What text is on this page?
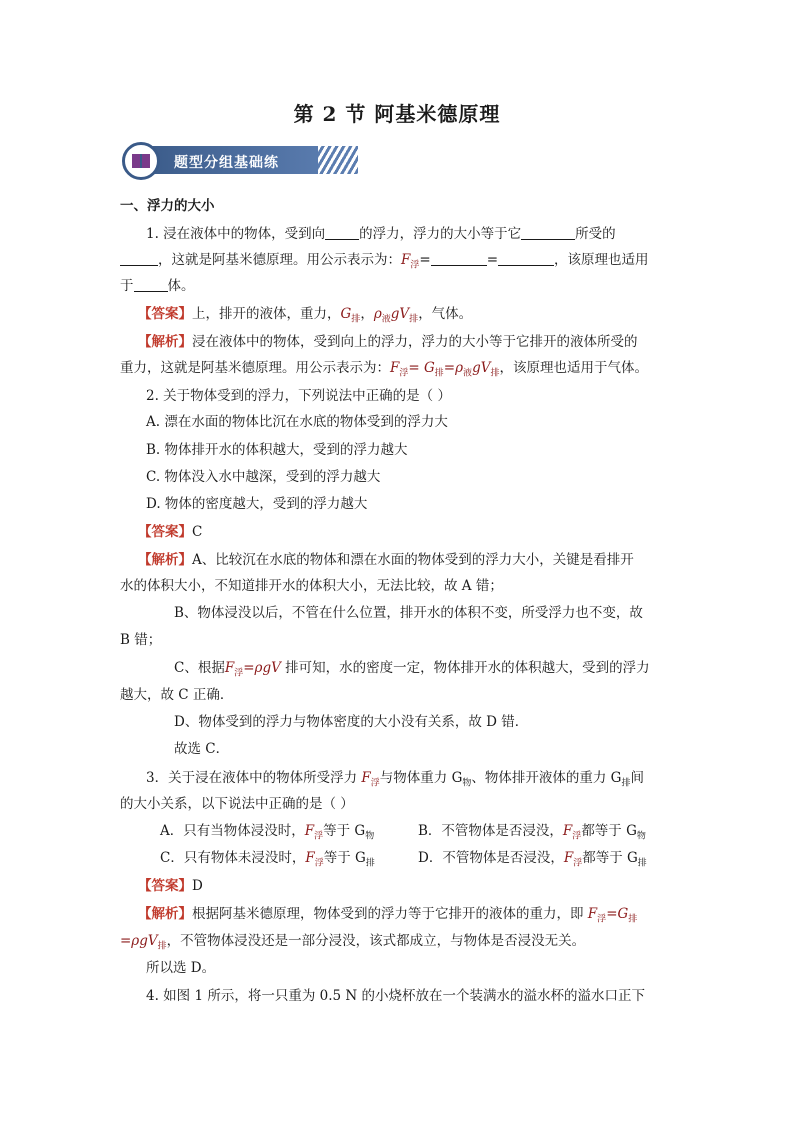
第 2 节 阿基米德原理
题型分组基础练
一、浮力的大小
1. 浸在液体中的物体，受到向	的浮力，浮力的大小等于它	所受的
，这就是阿基米德原理。用公示表示为：$F_浮=$	=	，该原理也适用
于	体。
【答案】上，排开的液体，重力，$G_排$，$\rho_液gV_排$，气体。
【解析】浸在液体中的物体，受到向上的浮力，浮力的大小等于它排开的液体所受的
重力，这就是阿基米德原理。用公示表示为：$F_浮= G_排=\rho_液gV_排$，该原理也适用于气体。
2. 关于物体受到的浮力，下列说法中正确的是（ ）
A. 漂在水面的物体比沉在水底的物体受到的浮力大
B. 物体排开水的体积越大，受到的浮力越大
C. 物体没入水中越深，受到的浮力越大
D. 物体的密度越大，受到的浮力越大
【答案】C
【解析】A、比较沉在水底的物体和漂在水面的物体受到的浮力大小，关键是看排开
水的体积大小，不知道排开水的体积大小，无法比较，故 A 错；
B、物体浸没以后，不管在什么位置，排开水的体积不变，所受浮力也不变，故
B 错；
C、根据$F_浮=\rho gV$ 排可知，水的密度一定，物体排开水的体积越大，受到的浮力
越大，故 C 正确．
D、物体受到的浮力与物体密度的大小没有关系，故 D 错．
故选 C．
3．关于浸在液体中的物体所受浮力 $F_浮$与物体重力 $G_物$、物体排开液体的重力 $G_排$间
的大小关系，以下说法中正确的是（ ）
A．只有当物体浸没时，$F_浮$等于 $G_物$	B．不管物体是否浸没，$F_浮$都等于 $G_物$
C．只有物体未浸没时，$F_浮$等于 $G_排$	D．不管物体是否浸没，$F_浮$都等于 $G_排$
【答案】D
【解析】根据阿基米德原理，物体受到的浮力等于它排开的液体的重力，即 $F_浮=G_排$
=ρgV$_排$，不管物体浸没还是一部分浸没，该式都成立，与物体是否浸没无关。
所以选 D。
4. 如图 1 所示，将一只重为 0.5 N 的小烧杯放在一个装满水的溢水杯的溢水口正下
